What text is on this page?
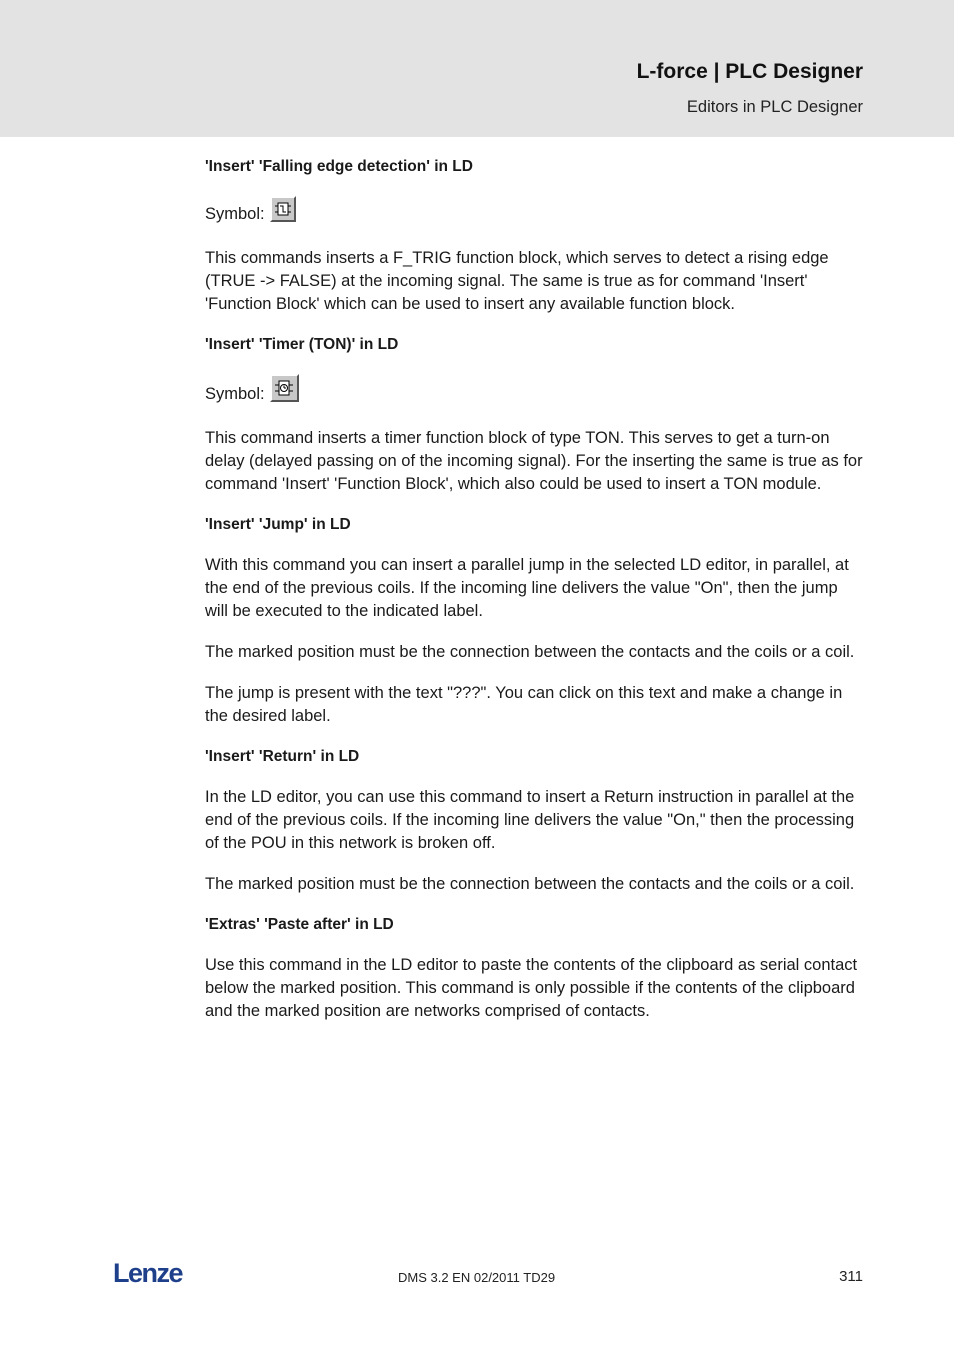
L-force | PLC Designer
Editors in PLC Designer
'Insert' 'Falling edge detection' in LD
Symbol:

This commands inserts a F_TRIG function block, which serves to detect a rising edge (TRUE -> FALSE) at the incoming signal. The same is true as for command 'Insert' 'Function Block' which can be used to insert any available function block.

'Insert' 'Timer (TON)' in LD
Symbol:

This command inserts a timer function block of type TON. This serves to get a turn-on delay (delayed passing on of the incoming signal). For the inserting the same is true as for command 'Insert' 'Function Block', which also could be used to insert a TON module.

'Insert' 'Jump' in LD

With this command you can insert a parallel jump in the selected LD editor, in parallel, at the end of the previous coils. If the incoming line delivers the value "On", then the jump will be executed to the indicated label.

The marked position must be the connection between the contacts and the coils or a coil.

The jump is present with the text "???". You can click on this text and make a change in the desired label.

'Insert' 'Return' in LD

In the LD editor, you can use this command to insert a Return instruction in parallel at the end of the previous coils. If the incoming line delivers the value "On," then the processing of the POU in this network is broken off.

The marked position must be the connection between the contacts and the coils or a coil.

'Extras' 'Paste after' in LD

Use this command in the LD editor to paste the contents of the clipboard as serial contact below the marked position. This command is only possible if the contents of the clipboard and the marked position are networks comprised of contacts.

Lenze	DMS 3.2 EN 02/2011 TD29	311
